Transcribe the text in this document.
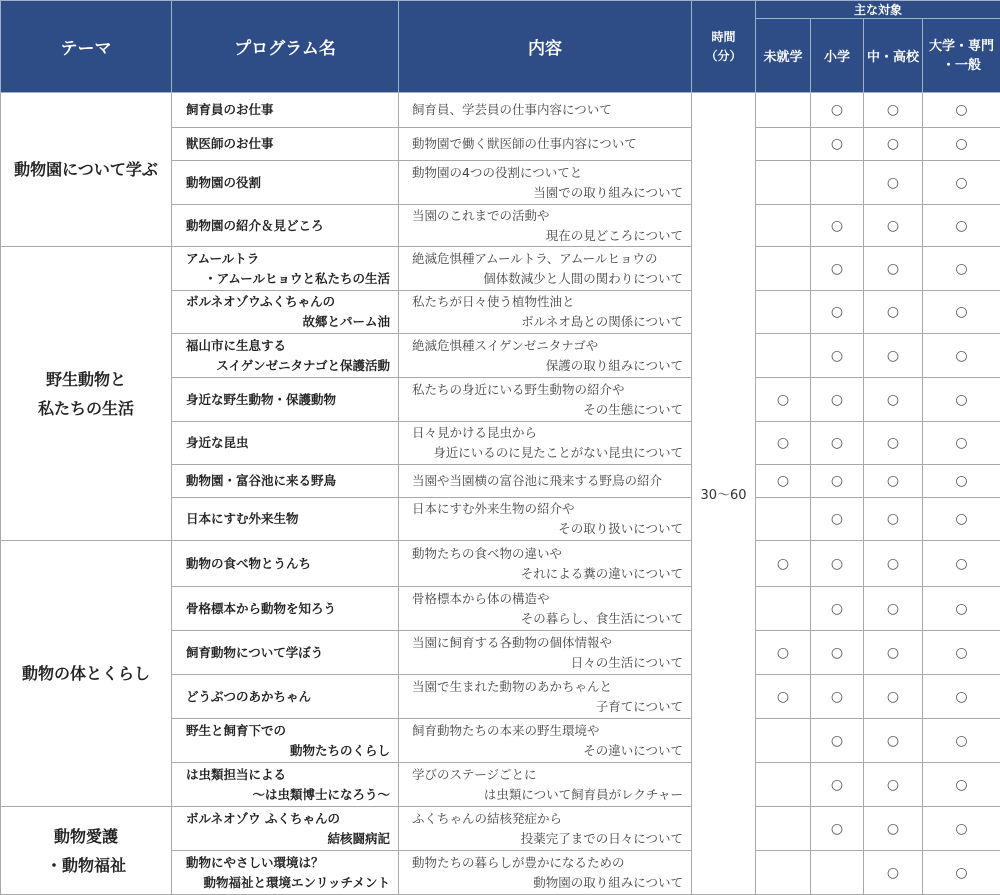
テーマ	プログラム名	内容	時間
（分）	主な対象			
				未就学	小学	中・高校	大学・専門
・一般

動物園について学ぶ	飼育員のお仕事	飼育員、学芸員の仕事内容について	30〜60		○	○	○

	獣医師のお仕事	動物園で働く獣医師の仕事内容について			○	○	○

	動物園の役割	動物園の4つの役割についてと
当園での取り組みについて				○	○

	動物園の紹介＆見どころ	当園のこれまでの活動や
現在の見どころについて			○	○	○

野生動物と
私たちの生活	アムールトラ
・アムールヒョウと私たちの生活	絶滅危惧種アムールトラ、アムールヒョウの
個体数減少と人間の関わりについて			○	○	○

	ボルネオゾウふくちゃんの
故郷とパーム油	私たちが日々使う植物性油と
ボルネオ島との関係について			○	○	○

	福山市に生息する
スイゲンゼニタナゴと保護活動	絶滅危惧種スイゲンゼニタナゴや
保護の取り組みについて			○	○	○

	身近な野生動物・保護動物	私たちの身近にいる野生動物の紹介や
その生態について		○	○	○	○

	身近な昆虫	日々見かける昆虫から
身近にいるのに見たことがない昆虫について		○	○	○	○

	動物園・富谷池に来る野鳥	当園や当園横の富谷池に飛来する野鳥の紹介		○	○	○	○

	日本にすむ外来生物	日本にすむ外来生物の紹介や
その取り扱いについて			○	○	○

動物の体とくらし	動物の食べ物とうんち	動物たちの食べ物の違いや
それによる糞の違いについて		○	○	○	○

	骨格標本から動物を知ろう	骨格標本から体の構造や
その暮らし、食生活について			○	○	○

	飼育動物について学ぼう	当園に飼育する各動物の個体情報や
日々の生活について		○	○	○	○

	どうぶつのあかちゃん	当園で生まれた動物のあかちゃんと
子育てについて		○	○	○	○

	野生と飼育下での
動物たちのくらし	飼育動物たちの本来の野生環境や
その違いについて			○	○	○

	は虫類担当による
～は虫類博士になろう～	学びのステージごとに
は虫類について飼育員がレクチャー			○	○	○

動物愛護
・動物福祉	ボルネオゾウ ふくちゃんの
結核闘病記	ふくちゃんの結核発症から
投薬完了までの日々について			○	○	○

	動物にやさしい環境は？
動物福祉と環境エンリッチメント	動物たちの暮らしが豊かになるための
動物園の取り組みについて				○	○
